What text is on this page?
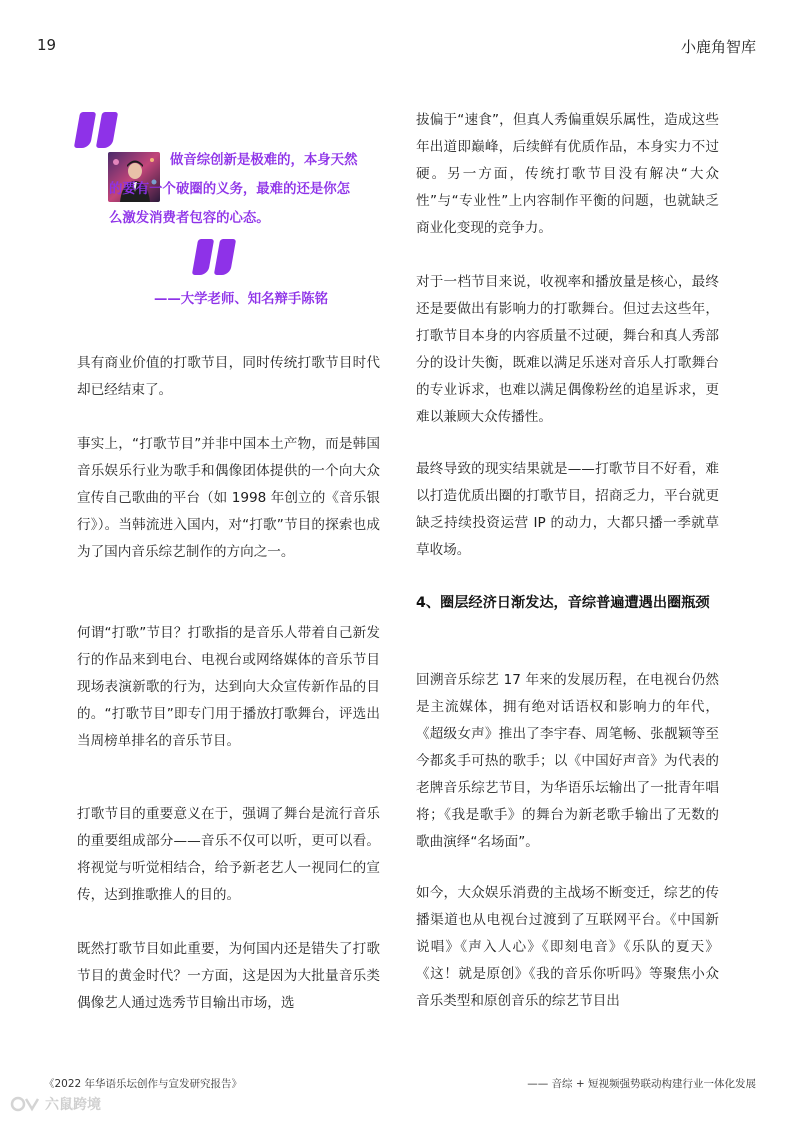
19	小鹿角智库
做音综创新是极难的，本身天然的要有一个破圈的义务，最难的还是你怎么激发消费者包容的心态。
——大学老师、知名辩手陈铭

具有商业价值的打歌节目，同时传统打歌节目时代却已经结束了。

事实上，“打歌节目”并非中国本土产物，而是韩国音乐娱乐行业为歌手和偶像团体提供的一个向大众宣传自己歌曲的平台（如 1998 年创立的《音乐银行》）。当韩流进入国内，对“打歌”节目的探索也成为了国内音乐综艺制作的方向之一。

何谓“打歌”节目？打歌指的是音乐人带着自己新发行的作品来到电台、电视台或网络媒体的音乐节目现场表演新歌的行为，达到向大众宣传新作品的目的。“打歌节目”即专门用于播放打歌舞台，评选出当周榜单排名的音乐节目。

打歌节目的重要意义在于，强调了舞台是流行音乐的重要组成部分——音乐不仅可以听，更可以看。将视觉与听觉相结合，给予新老艺人一视同仁的宣传，达到推歌推人的目的。

既然打歌节目如此重要，为何国内还是错失了打歌节目的黄金时代？一方面，这是因为大批量音乐类偶像艺人通过选秀节目输出市场，选

拔偏于“速食”，但真人秀偏重娱乐属性，造成这些年出道即巅峰，后续鲜有优质作品，本身实力不过硬。另一方面，传统打歌节目没有解决“大众性”与“专业性”上内容制作平衡的问题，也就缺乏商业化变现的竞争力。

对于一档节目来说，收视率和播放量是核心，最终还是要做出有影响力的打歌舞台。但过去这些年，打歌节目本身的内容质量不过硬，舞台和真人秀部分的设计失衡，既难以满足乐迷对音乐人打歌舞台的专业诉求，也难以满足偶像粉丝的追星诉求，更难以兼顾大众传播性。

最终导致的现实结果就是——打歌节目不好看，难以打造优质出圈的打歌节目，招商乏力，平台就更缺乏持续投资运营 IP 的动力，大都只播一季就草草收场。

4、圈层经济日渐发达，音综普遍遭遇出圈瓶颈

回溯音乐综艺 17 年来的发展历程，在电视台仍然是主流媒体，拥有绝对话语权和影响力的年代，《超级女声》推出了李宇春、周笔畅、张靓颖等至今都炙手可热的歌手；以《中国好声音》为代表的老牌音乐综艺节目，为华语乐坛输出了一批青年唱将；《我是歌手》的舞台为新老歌手输出了无数的歌曲演绎“名场面”。

如今，大众娱乐消费的主战场不断变迁，综艺的传播渠道也从电视台过渡到了互联网平台。《中国新说唱》《声入人心》《即刻电音》《乐队的夏天》《这！就是原创》《我的音乐你听吗》等聚焦小众音乐类型和原创音乐的综艺节目出

《2022 年华语乐坛创作与宣发研究报告》	—— 音综 + 短视频强势联动构建行业一体化发展
六鼠跨境
